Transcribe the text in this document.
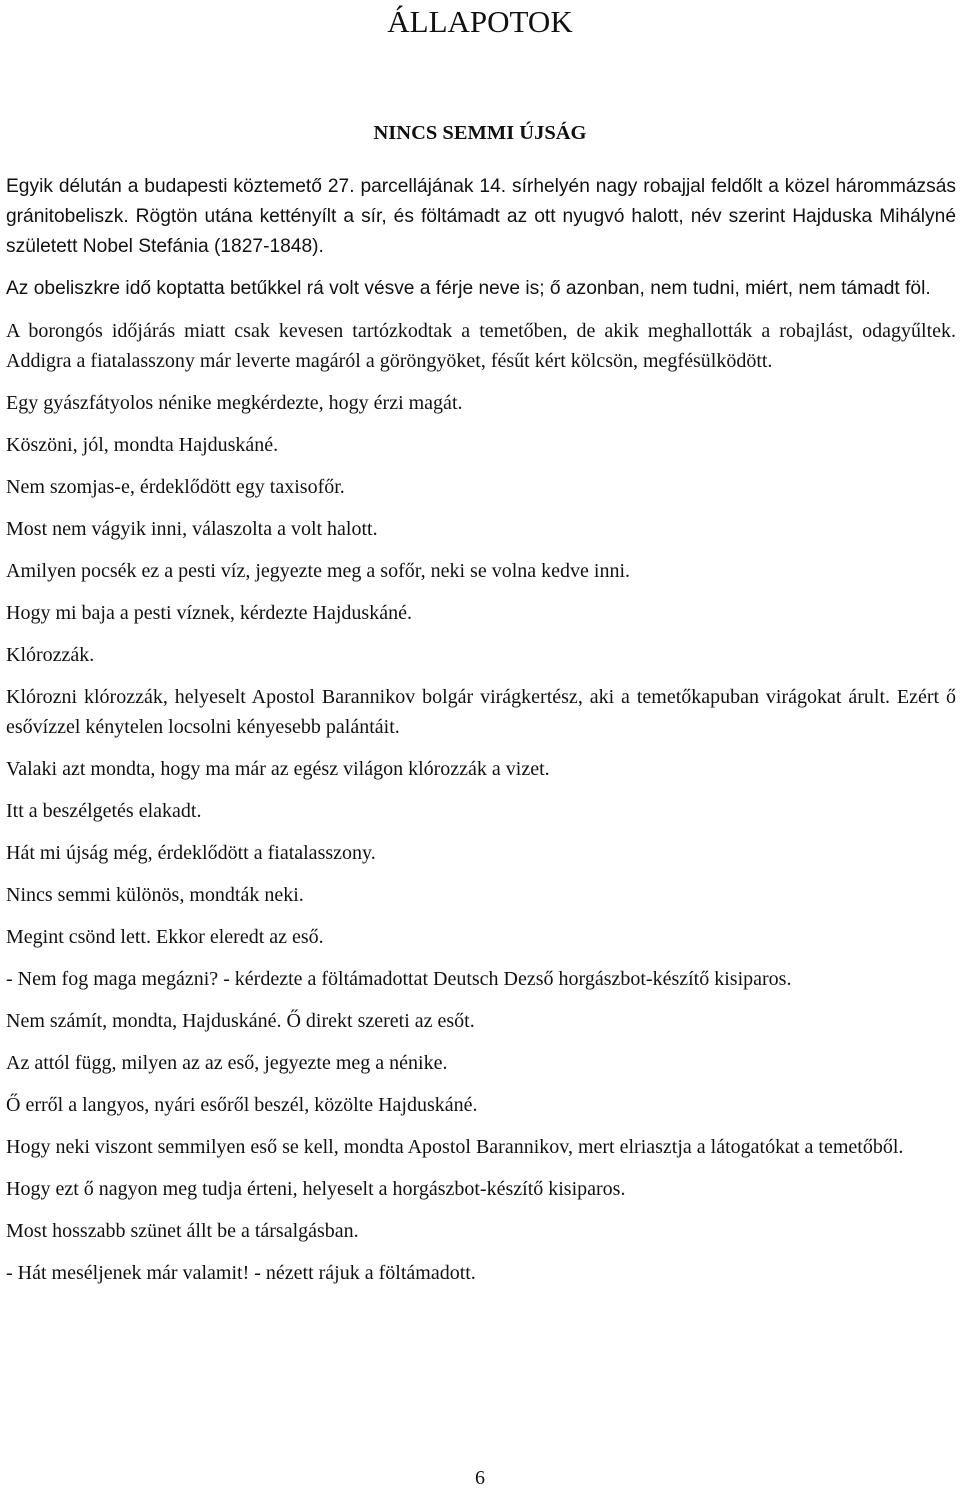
ÁLLAPOTOK
NINCS SEMMI ÚJSÁG

Egyik délután a budapesti köztemető 27. parcellájának 14. sírhelyén nagy robajjal feldőlt a közel hárommázsás gránitobeliszk. Rögtön utána kettényílt a sír, és föltámadt az ott nyugvó halott, név szerint Hajduska Mihályné született Nobel Stefánia (1827-1848).

Az obeliszkre idő koptatta betűkkel rá volt vésve a férje neve is; ő azonban, nem tudni, miért, nem támadt föl.

A borongós időjárás miatt csak kevesen tartózkodtak a temetőben, de akik meghallották a robajlást, odagyűltek. Addigra a fiatalasszony már leverte magáról a göröngyöket, fésűt kért kölcsön, megfésülködött.

Egy gyászfátyolos nénike megkérdezte, hogy érzi magát.

Köszöni, jól, mondta Hajduskáné.

Nem szomjas-e, érdeklődött egy taxisofőr.

Most nem vágyik inni, válaszolta a volt halott.

Amilyen pocsék ez a pesti víz, jegyezte meg a sofőr, neki se volna kedve inni.

Hogy mi baja a pesti víznek, kérdezte Hajduskáné.

Klórozzák.

Klórozni klórozzák, helyeselt Apostol Barannikov bolgár virágkertész, aki a temetőkapuban virágokat árult. Ezért ő esővízzel kénytelen locsolni kényesebb palántáit.

Valaki azt mondta, hogy ma már az egész világon klórozzák a vizet.

Itt a beszélgetés elakadt.

Hát mi újság még, érdeklődött a fiatalasszony.

Nincs semmi különös, mondták neki.

Megint csönd lett. Ekkor eleredt az eső.

- Nem fog maga megázni? - kérdezte a föltámadottat Deutsch Dezső horgászbot-készítő kisiparos.

Nem számít, mondta, Hajduskáné. Ő direkt szereti az esőt.

Az attól függ, milyen az az eső, jegyezte meg a nénike.

Ő erről a langyos, nyári esőről beszél, közölte Hajduskáné.

Hogy neki viszont semmilyen eső se kell, mondta Apostol Barannikov, mert elriasztja a látogatókat a temetőből.

Hogy ezt ő nagyon meg tudja érteni, helyeselt a horgászbot-készítő kisiparos.

Most hosszabb szünet állt be a társalgásban.

- Hát meséljenek már valamit! - nézett rájuk a föltámadott.

6
